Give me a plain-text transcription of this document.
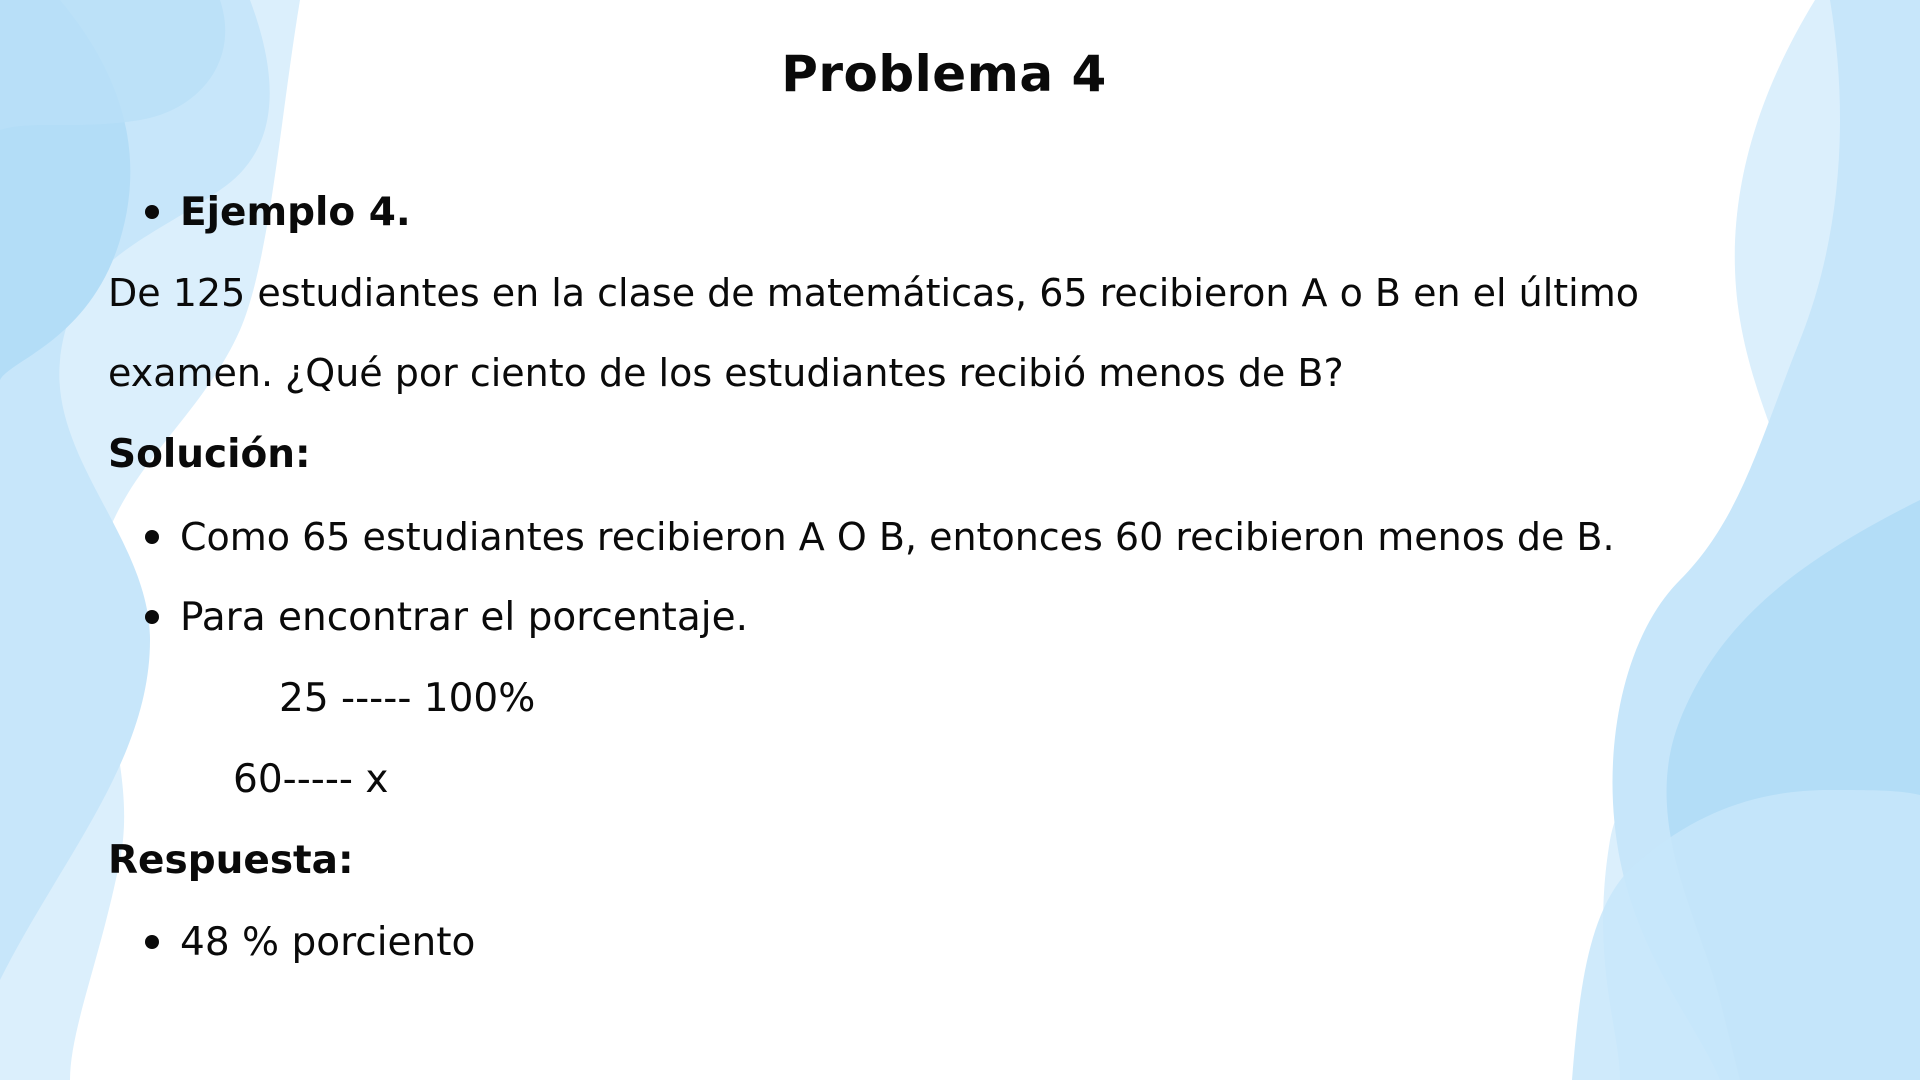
Problema 4
Ejemplo 4.
De 125 estudiantes en la clase de matemáticas, 65 recibieron A o B en el último
examen. ¿Qué por ciento de los estudiantes recibió menos de B?
Solución:
Como 65 estudiantes recibieron A O B, entonces 60 recibieron menos de B.
Para encontrar el porcentaje.
25 ----- 100%
60----- x
Respuesta:
48 % porciento
